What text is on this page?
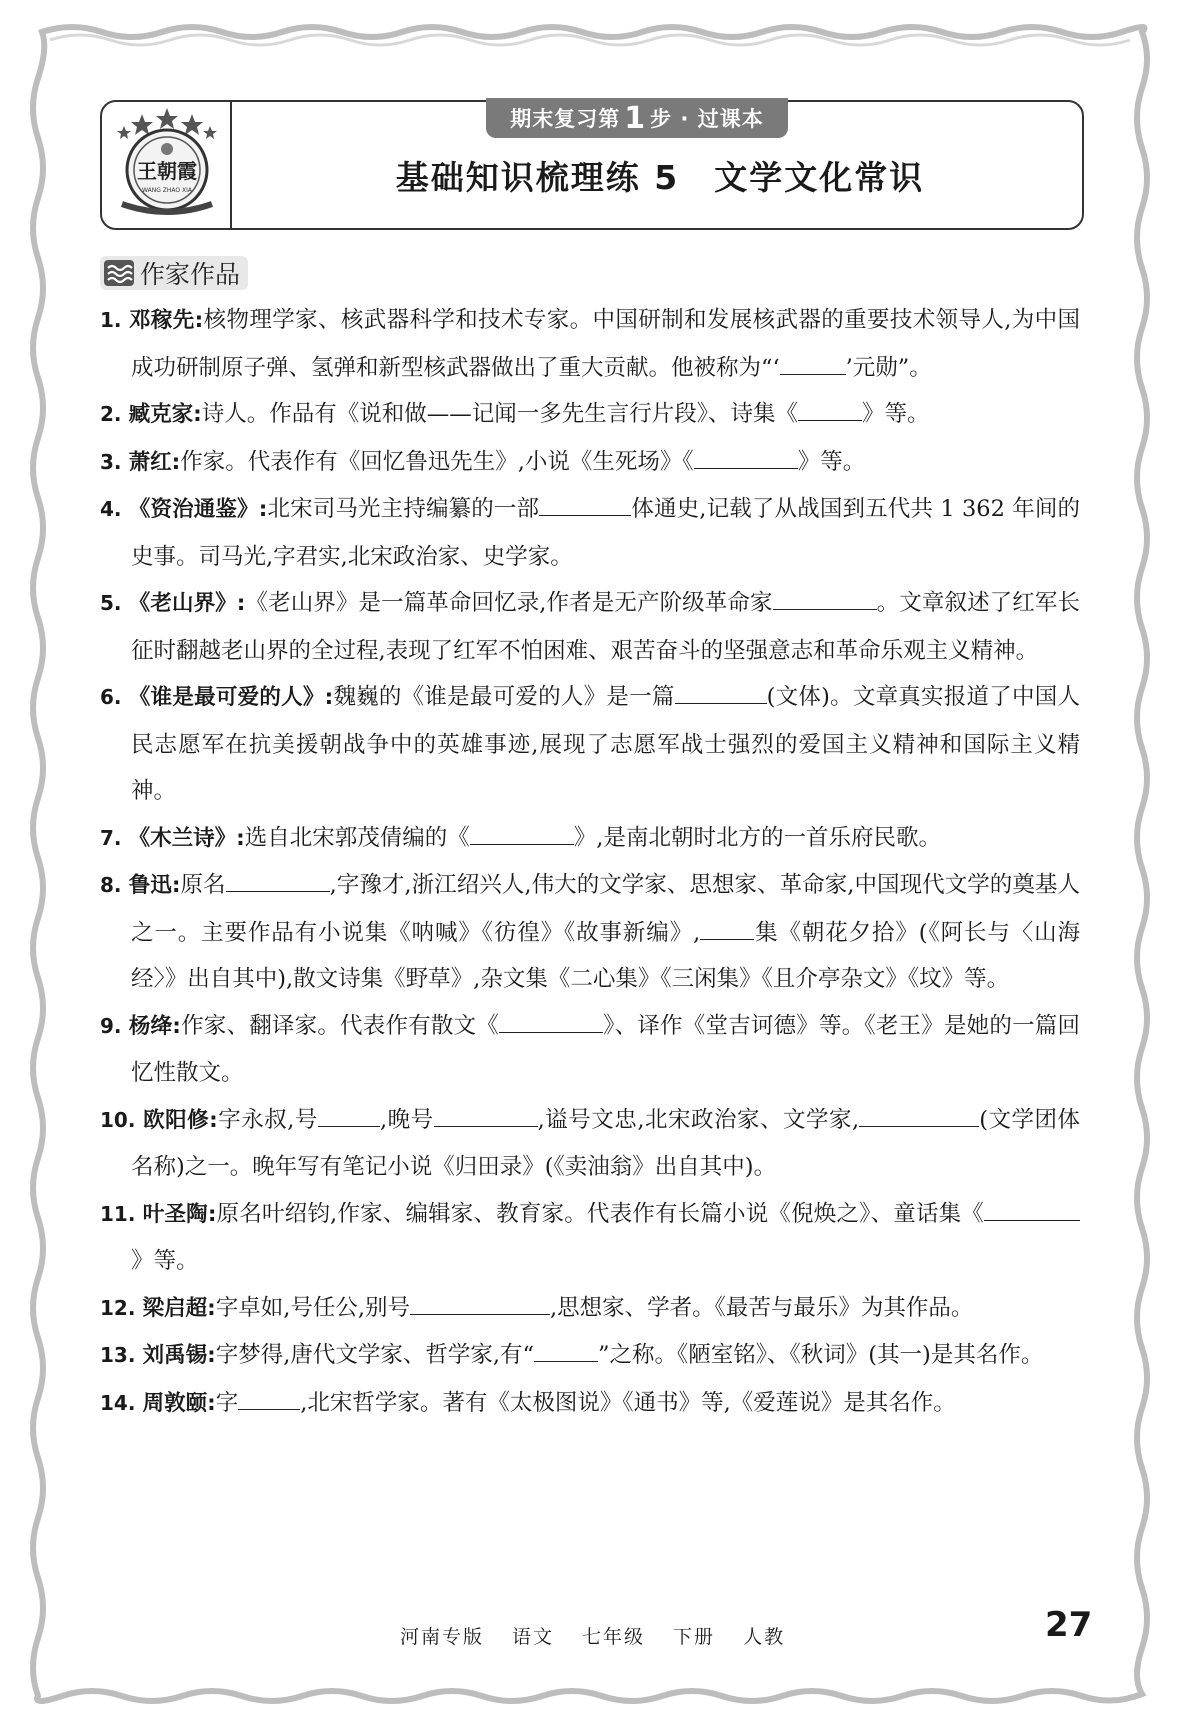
王朝霞
WANG ZHAO XIA
期末复习第 1 步 · 过课本
基础知识梳理练 5　文学文化常识
作家作品

1. 邓稼先:核物理学家、核武器科学和技术专家。中国研制和发展核武器的重要技术领导人,为中国成功研制原子弹、氢弹和新型核武器做出了重大贡献。他被称为“‘	’元勋”。

2. 臧克家:诗人。作品有《说和做——记闻一多先生言行片段》、诗集《	》等。

3. 萧红:作家。代表作有《回忆鲁迅先生》,小说《生死场》《	》等。

4. 《资治通鉴》:北宋司马光主持编纂的一部	体通史,记载了从战国到五代共 1 362 年间的史事。司马光,字君实,北宋政治家、史学家。

5. 《老山界》:《老山界》是一篇革命回忆录,作者是无产阶级革命家	。文章叙述了红军长征时翻越老山界的全过程,表现了红军不怕困难、艰苦奋斗的坚强意志和革命乐观主义精神。

6. 《谁是最可爱的人》:魏巍的《谁是最可爱的人》是一篇	(文体)。文章真实报道了中国人民志愿军在抗美援朝战争中的英雄事迹,展现了志愿军战士强烈的爱国主义精神和国际主义精神。

7. 《木兰诗》:选自北宋郭茂倩编的《	》,是南北朝时北方的一首乐府民歌。

8. 鲁迅:原名	,字豫才,浙江绍兴人,伟大的文学家、思想家、革命家,中国现代文学的奠基人之一。主要作品有小说集《呐喊》《彷徨》《故事新编》, 集《朝花夕拾》(《阿长与〈山海经〉》出自其中),散文诗集《野草》,杂文集《二心集》《三闲集》《且介亭杂文》《坟》等。

9. 杨绛:作家、翻译家。代表作有散文《	》、译作《堂吉诃德》等。《老王》是她的一篇回忆性散文。

10. 欧阳修:字永叔,号	,晚号	,谥号文忠,北宋政治家、文学家,	(文学团体名称)之一。晚年写有笔记小说《归田录》(《卖油翁》出自其中)。

11. 叶圣陶:原名叶绍钧,作家、编辑家、教育家。代表作有长篇小说《倪焕之》、童话集《》等。

12. 梁启超:字卓如,号任公,别号	,思想家、学者。《最苦与最乐》为其作品。

13. 刘禹锡:字梦得,唐代文学家、哲学家,有“	”之称。《陋室铭》、《秋词》(其一)是其名作。

14. 周敦颐:字	,北宋哲学家。著有《太极图说》《通书》等,《爱莲说》是其名作。

河南专版 语文 七年级 下册 人教	27
